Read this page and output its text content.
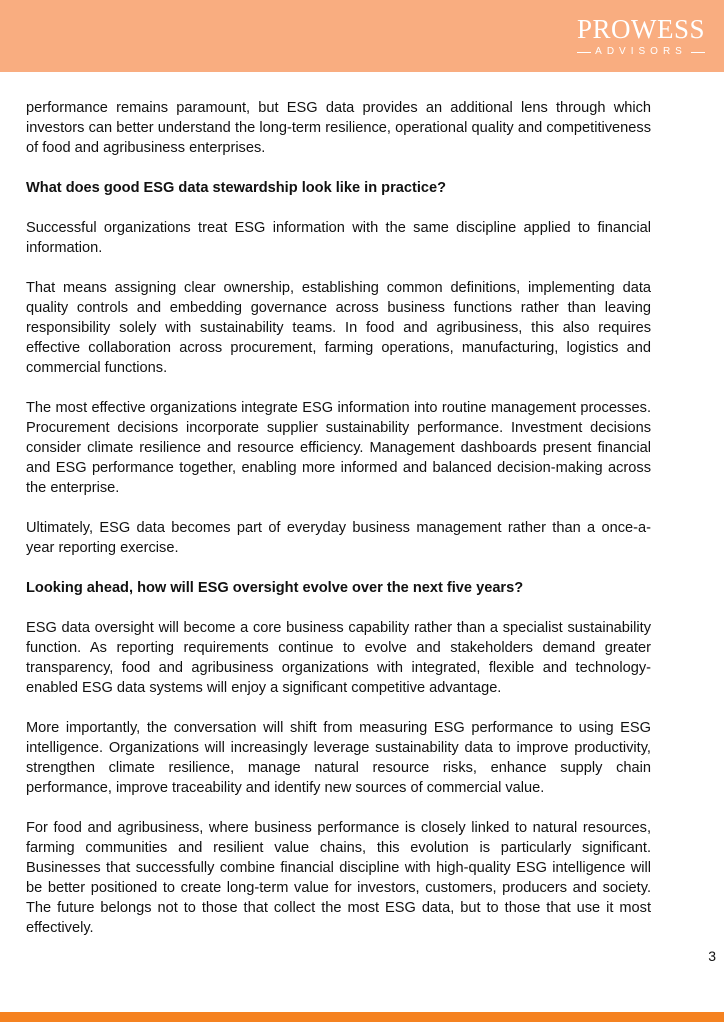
PROWESS
ADVISORS

performance remains paramount, but ESG data provides an additional lens through which investors can better understand the long-term resilience, operational quality and competitiveness of food and agribusiness enterprises.

What does good ESG data stewardship look like in practice?

Successful organizations treat ESG information with the same discipline applied to financial information.

That means assigning clear ownership, establishing common definitions, implementing data quality controls and embedding governance across business functions rather than leaving responsibility solely with sustainability teams. In food and agribusiness, this also requires effective collaboration across procurement, farming operations, manufacturing, logistics and commercial functions.

The most effective organizations integrate ESG information into routine management processes. Procurement decisions incorporate supplier sustainability performance. Investment decisions consider climate resilience and resource efficiency. Management dashboards present financial and ESG performance together, enabling more informed and balanced decision-making across the enterprise.

Ultimately, ESG data becomes part of everyday business management rather than a once-a-year reporting exercise.

Looking ahead, how will ESG oversight evolve over the next five years?

ESG data oversight will become a core business capability rather than a specialist sustainability function. As reporting requirements continue to evolve and stakeholders demand greater transparency, food and agribusiness organizations with integrated, flexible and technology-enabled ESG data systems will enjoy a significant competitive advantage.

More importantly, the conversation will shift from measuring ESG performance to using ESG intelligence. Organizations will increasingly leverage sustainability data to improve productivity, strengthen climate resilience, manage natural resource risks, enhance supply chain performance, improve traceability and identify new sources of commercial value.

For food and agribusiness, where business performance is closely linked to natural resources, farming communities and resilient value chains, this evolution is particularly significant. Businesses that successfully combine financial discipline with high-quality ESG intelligence will be better positioned to create long-term value for investors, customers, producers and society. The future belongs not to those that collect the most ESG data, but to those that use it most effectively.

3
